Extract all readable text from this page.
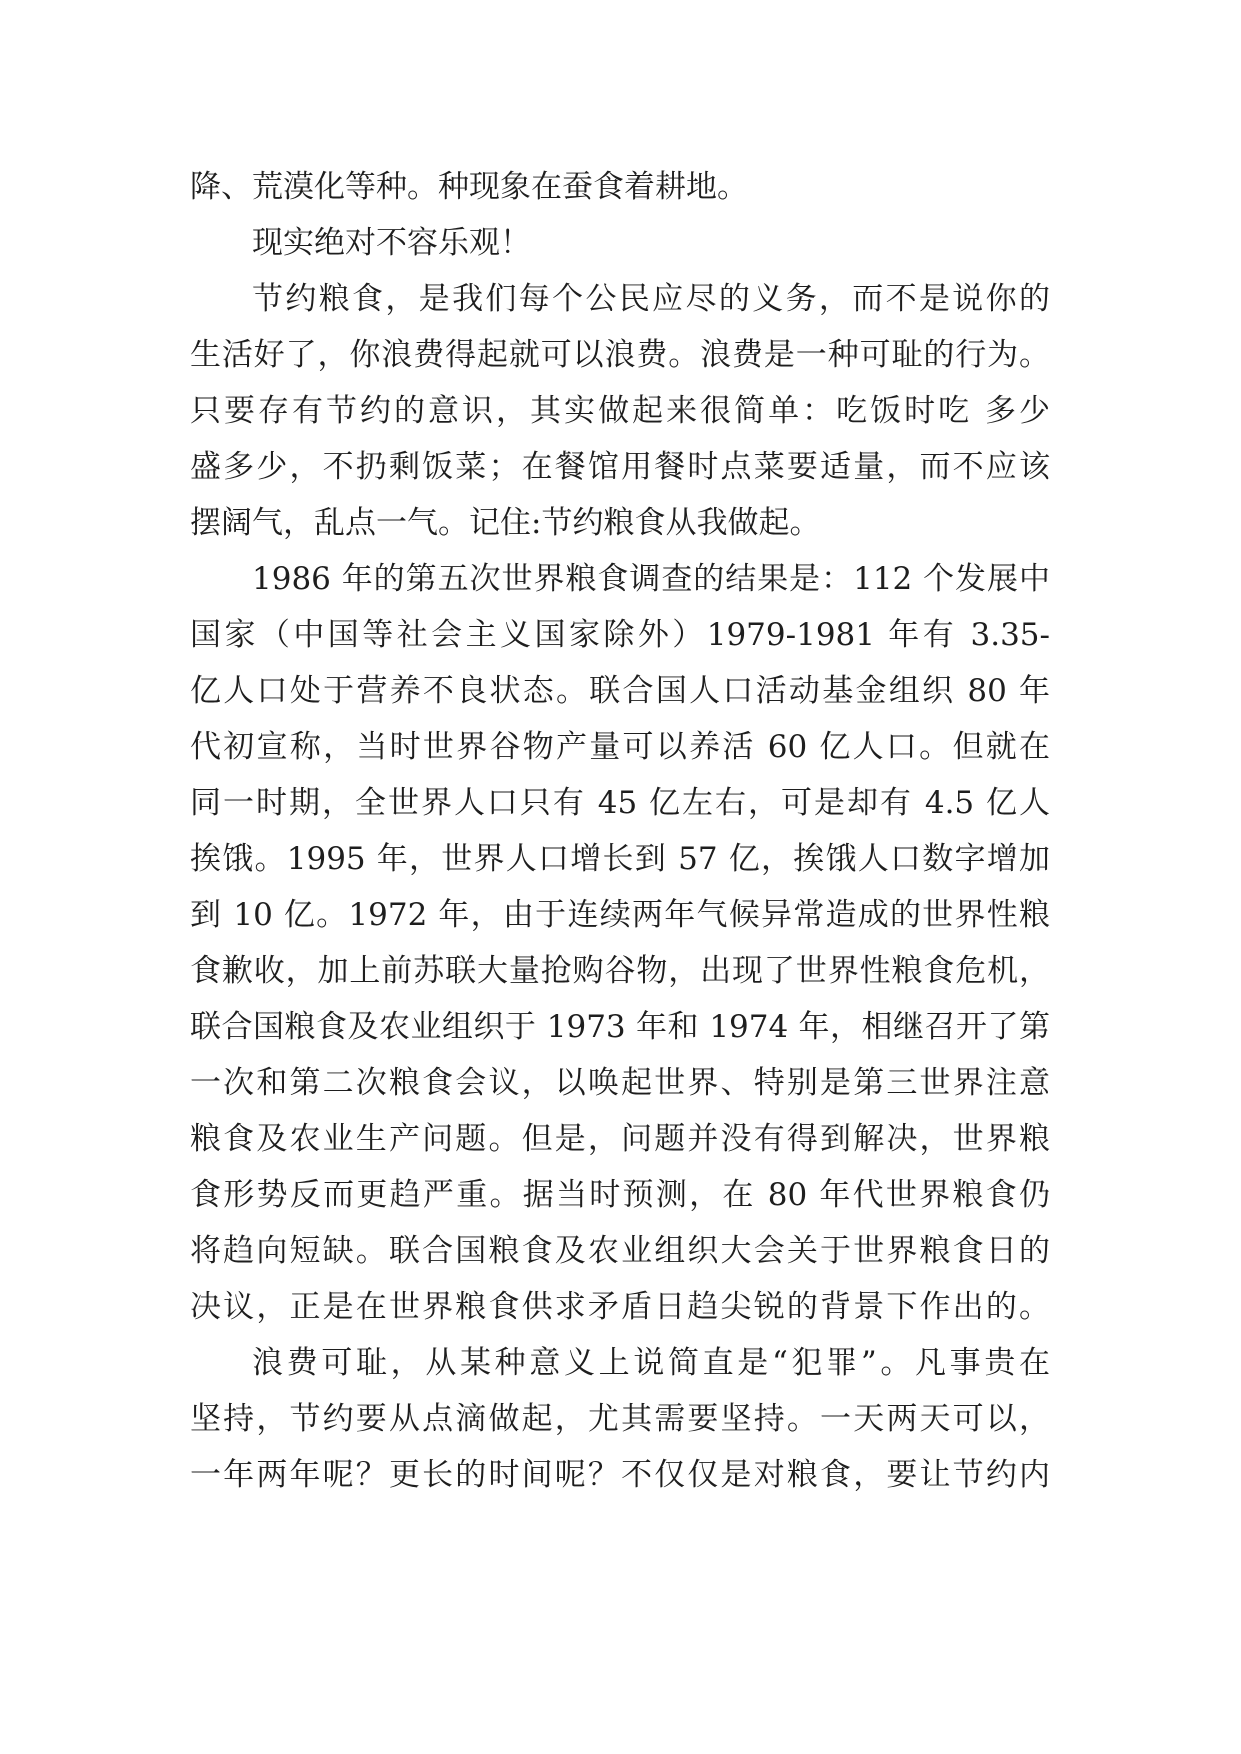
降、荒漠化等种。种现象在蚕食着耕地。
现实绝对不容乐观！
节约粮食，是我们每个公民应尽的义务，而不是说你的
生活好了，你浪费得起就可以浪费。浪费是一种可耻的行为。
只要存有节约的意识，其实做起来很简单：吃饭时吃 多少
盛多少，不扔剩饭菜；在餐馆用餐时点菜要适量，而不应该
摆阔气，乱点一气。记住:节约粮食从我做起。
1986 年的第五次世界粮食调查的结果是：112 个发展中
国家（中国等社会主义国家除外）1979-1981 年有 3.35-
亿人口处于营养不良状态。联合国人口活动基金组织 80 年
代初宣称，当时世界谷物产量可以养活 60 亿人口。但就在
同一时期，全世界人口只有 45 亿左右，可是却有 4.5 亿人
挨饿。1995 年，世界人口增长到 57 亿，挨饿人口数字增加
到 10 亿。1972 年，由于连续两年气候异常造成的世界性粮
食歉收，加上前苏联大量抢购谷物，出现了世界性粮食危机，
联合国粮食及农业组织于 1973 年和 1974 年，相继召开了第
一次和第二次粮食会议，以唤起世界、特别是第三世界注意
粮食及农业生产问题。但是，问题并没有得到解决，世界粮
食形势反而更趋严重。据当时预测，在 80 年代世界粮食仍
将趋向短缺。联合国粮食及农业组织大会关于世界粮食日的
决议，正是在世界粮食供求矛盾日趋尖锐的背景下作出的。
浪费可耻，从某种意义上说简直是“犯罪”。凡事贵在
坚持，节约要从点滴做起，尤其需要坚持。一天两天可以，
一年两年呢？更长的时间呢？不仅仅是对粮食，要让节约内
